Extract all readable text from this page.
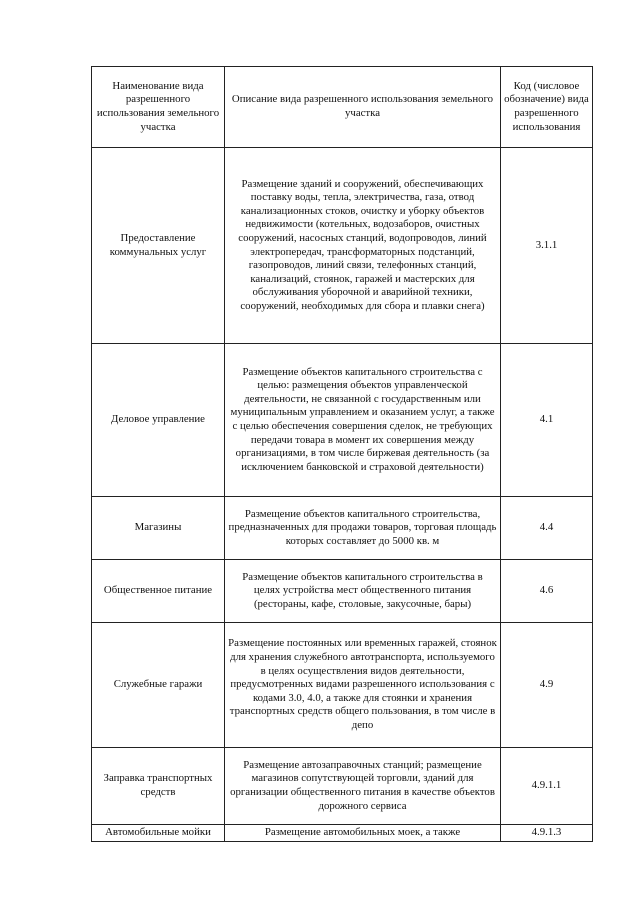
Наименование вида разрешенного использования земельного участка	Описание вида разрешенного использования земельного участка	Код (числовое обозначение) вида разрешенного использования
Предоставление коммунальных услуг	Размещение зданий и сооружений, обеспечивающих поставку воды, тепла, электричества, газа, отвод канализационных стоков, очистку и уборку объектов недвижимости (котельных, водозаборов, очистных сооружений, насосных станций, водопроводов, линий электропередач, трансформаторных подстанций, газопроводов, линий связи, телефонных станций, канализаций, стоянок, гаражей и мастерских для обслуживания уборочной и аварийной техники, сооружений, необходимых для сбора и плавки снега)	3.1.1
Деловое управление	Размещение объектов капитального строительства с целью: размещения объектов управленческой деятельности, не связанной с государственным или муниципальным управлением и оказанием услуг, а также с целью обеспечения совершения сделок, не требующих передачи товара в момент их совершения между организациями, в том числе биржевая деятельность (за исключением банковской и страховой деятельности)	4.1
Магазины	Размещение объектов капитального строительства, предназначенных для продажи товаров, торговая площадь которых составляет до 5000 кв. м	4.4
Общественное питание	Размещение объектов капитального строительства в целях устройства мест общественного питания (рестораны, кафе, столовые, закусочные, бары)	4.6
Служебные гаражи	Размещение постоянных или временных гаражей, стоянок для хранения служебного автотранспорта, используемого в целях осуществления видов деятельности, предусмотренных видами разрешенного использования с кодами 3.0, 4.0, а также для стоянки и хранения транспортных средств общего пользования, в том числе в депо	4.9
Заправка транспортных средств	Размещение автозаправочных станций; размещение магазинов сопутствующей торговли, зданий для организации общественного питания в качестве объектов дорожного сервиса	4.9.1.1
Автомобильные мойки	Размещение автомобильных моек, а также	4.9.1.3
